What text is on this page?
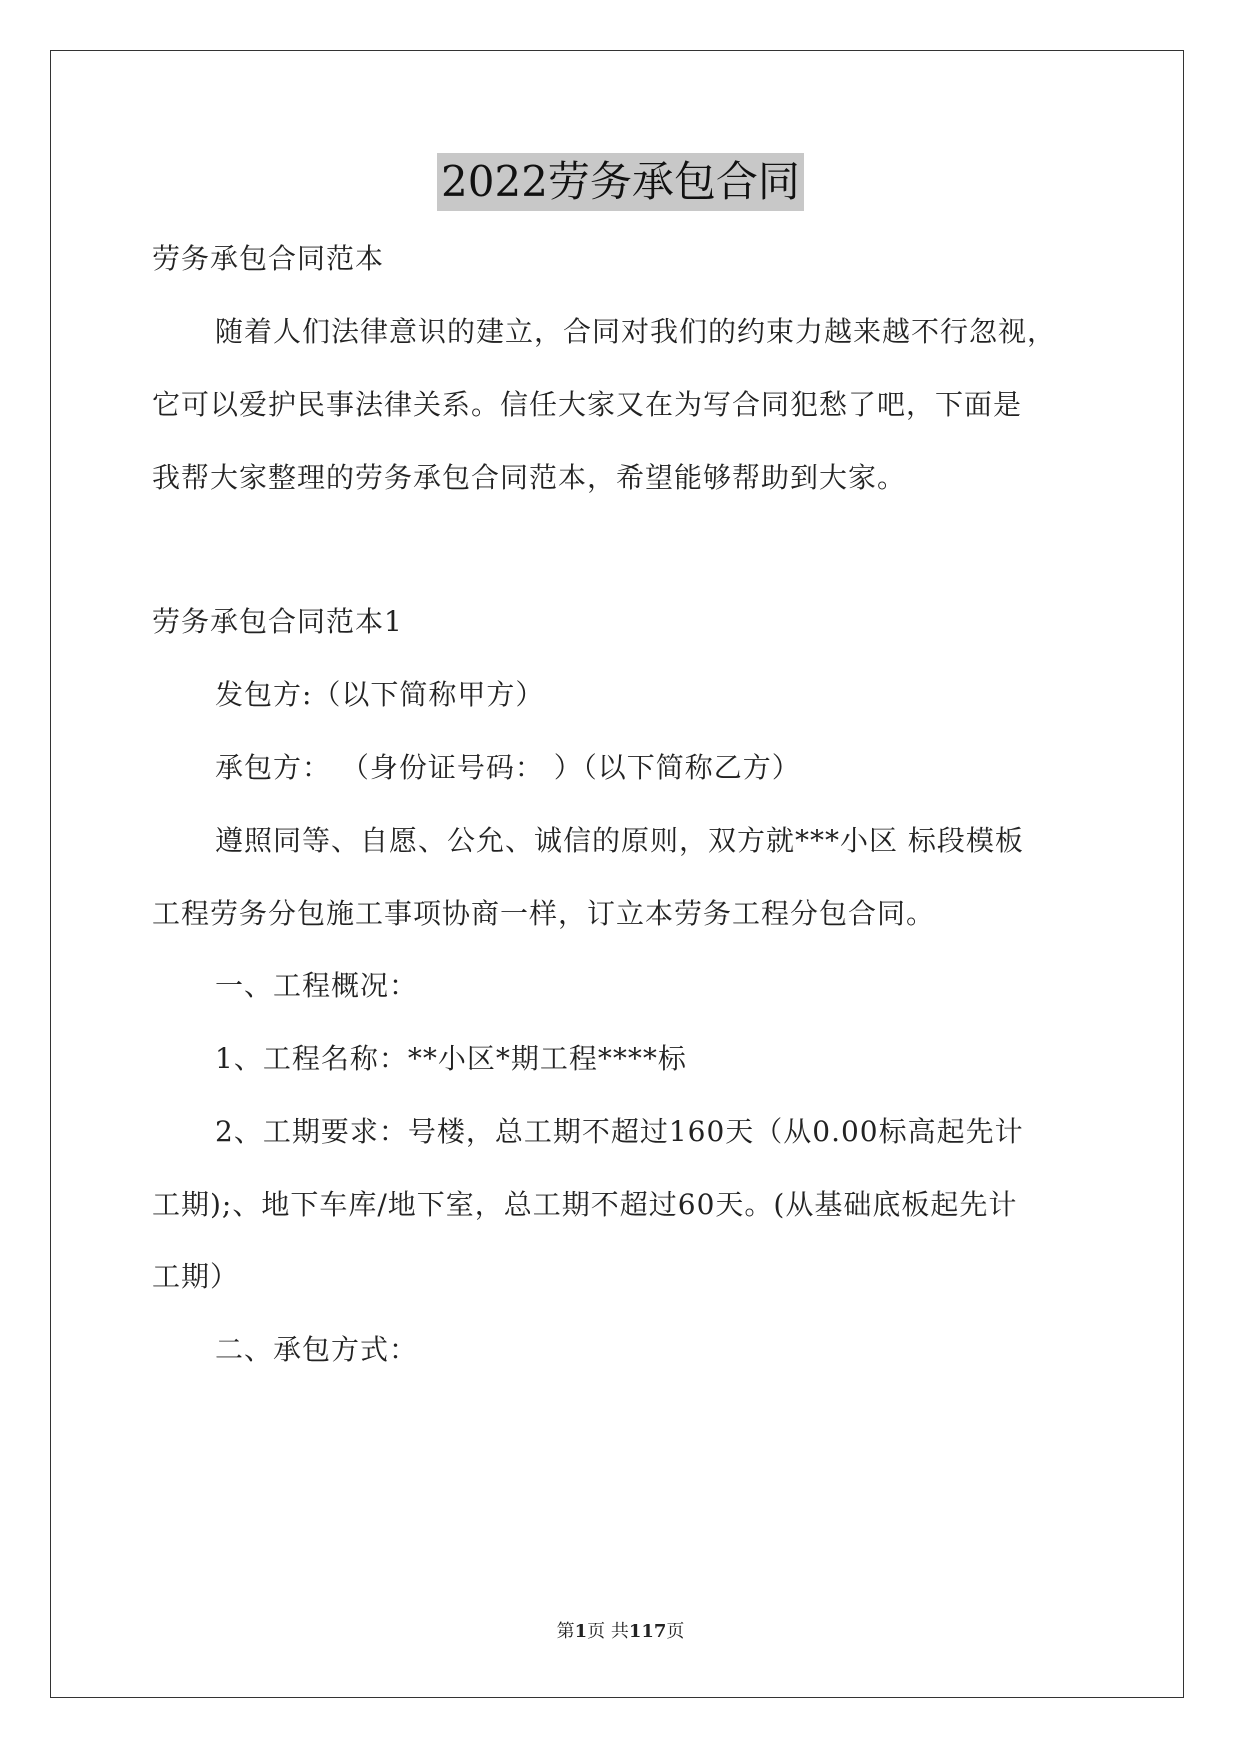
2022劳务承包合同
劳务承包合同范本
随着人们法律意识的建立，合同对我们的约束力越来越不行忽视，
它可以爱护民事法律关系。信任大家又在为写合同犯愁了吧，下面是
我帮大家整理的劳务承包合同范本，希望能够帮助到大家。
劳务承包合同范本1
发包方:（以下简称甲方）
承包方： （身份证号码： ）（以下简称乙方）
遵照同等、自愿、公允、诚信的原则，双方就***小区 标段模板
工程劳务分包施工事项协商一样，订立本劳务工程分包合同。
一、工程概况：
1、工程名称：**小区*期工程****标
2、工期要求：号楼，总工期不超过160天（从0.00标高起先计
工期);、地下车库/地下室，总工期不超过60天。(从基础底板起先计
工期）
二、承包方式：
第1页 共117页
